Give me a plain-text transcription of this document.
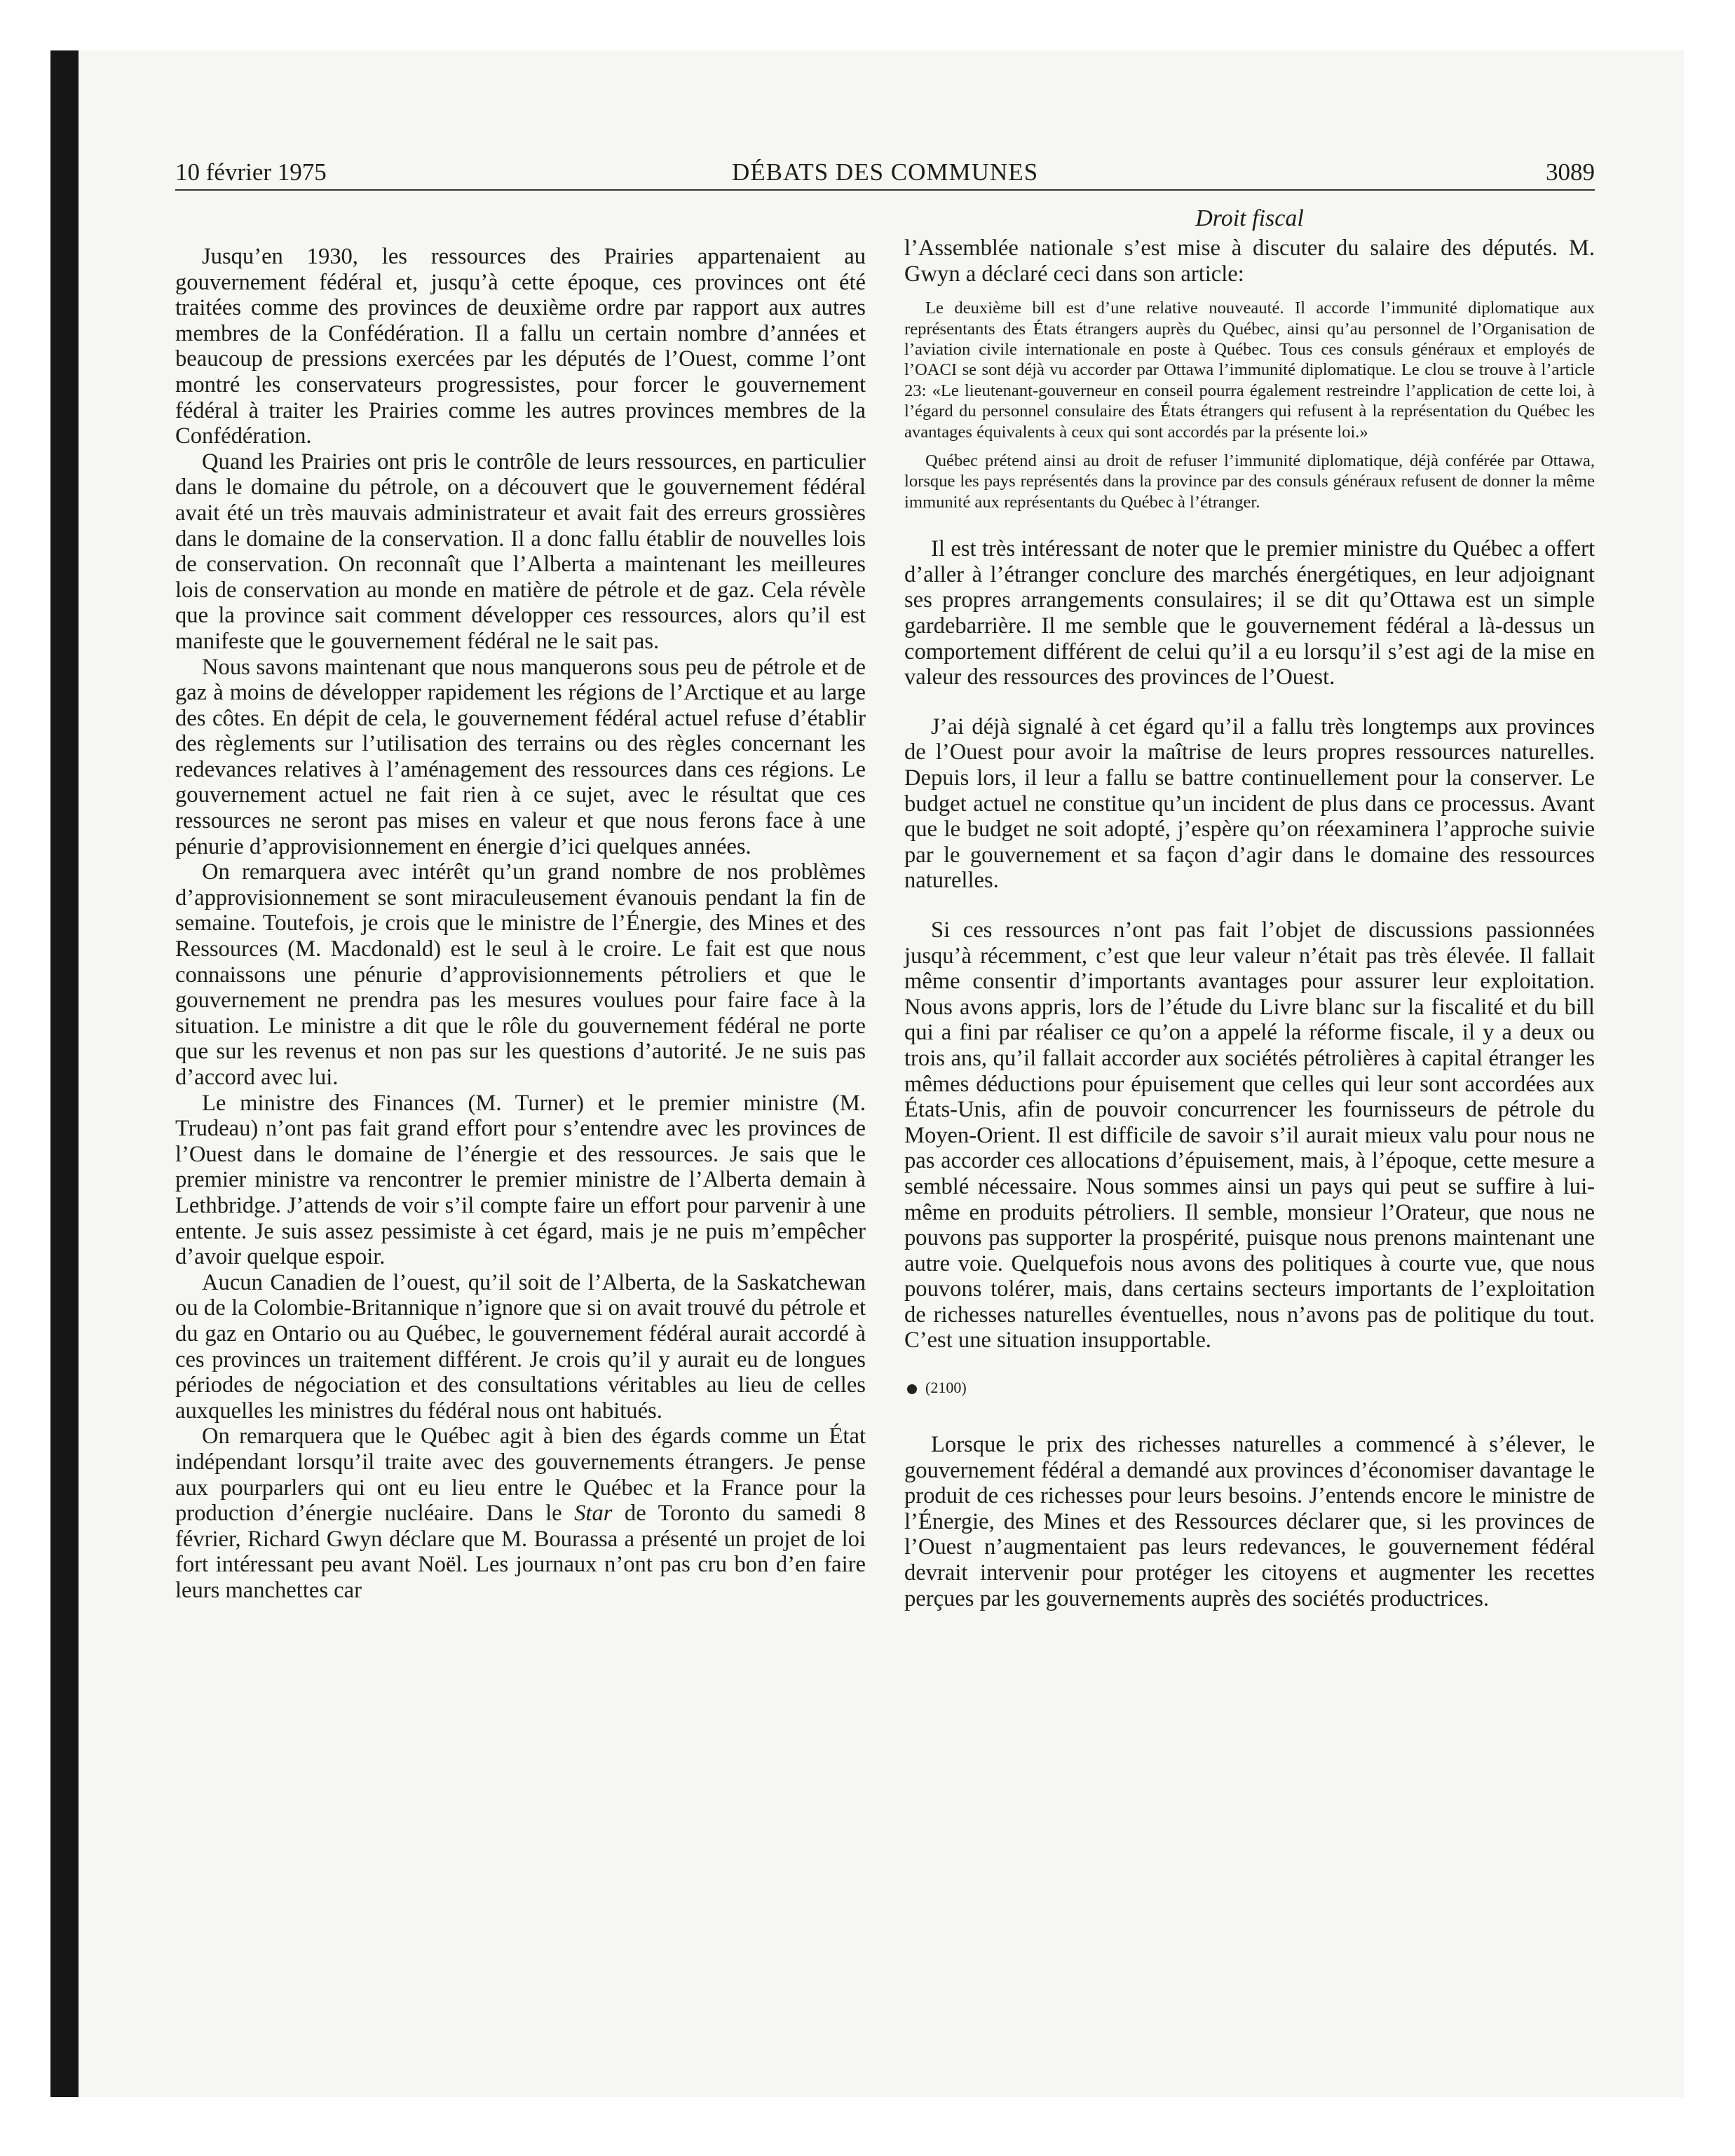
10 février 1975	DÉBATS DES COMMUNES	3089

Jusqu’en 1930, les ressources des Prairies appartenaient au gouvernement fédéral et, jusqu’à cette époque, ces provinces ont été traitées comme des provinces de deuxième ordre par rapport aux autres membres de la Confédération. Il a fallu un certain nombre d’années et beaucoup de pressions exercées par les députés de l’Ouest, comme l’ont montré les conservateurs progressistes, pour forcer le gouvernement fédéral à traiter les Prairies comme les autres provinces membres de la Confédération.

Quand les Prairies ont pris le contrôle de leurs ressources, en particulier dans le domaine du pétrole, on a découvert que le gouvernement fédéral avait été un très mauvais administrateur et avait fait des erreurs grossières dans le domaine de la conservation. Il a donc fallu établir de nouvelles lois de conservation. On reconnaît que l’Alberta a maintenant les meilleures lois de conservation au monde en matière de pétrole et de gaz. Cela révèle que la province sait comment développer ces ressources, alors qu’il est manifeste que le gouvernement fédéral ne le sait pas.

Nous savons maintenant que nous manquerons sous peu de pétrole et de gaz à moins de développer rapidement les régions de l’Arctique et au large des côtes. En dépit de cela, le gouvernement fédéral actuel refuse d’établir des règlements sur l’utilisation des terrains ou des règles concernant les redevances relatives à l’aménagement des ressources dans ces régions. Le gouvernement actuel ne fait rien à ce sujet, avec le résultat que ces ressources ne seront pas mises en valeur et que nous ferons face à une pénurie d’approvisionnement en énergie d’ici quelques années.

On remarquera avec intérêt qu’un grand nombre de nos problèmes d’approvisionnement se sont miraculeusement évanouis pendant la fin de semaine. Toutefois, je crois que le ministre de l’Énergie, des Mines et des Ressources (M. Macdonald) est le seul à le croire. Le fait est que nous connaissons une pénurie d’approvisionnements pétroliers et que le gouvernement ne prendra pas les mesures voulues pour faire face à la situation. Le ministre a dit que le rôle du gouvernement fédéral ne porte que sur les revenus et non pas sur les questions d’autorité. Je ne suis pas d’accord avec lui.

Le ministre des Finances (M. Turner) et le premier ministre (M. Trudeau) n’ont pas fait grand effort pour s’entendre avec les provinces de l’Ouest dans le domaine de l’énergie et des ressources. Je sais que le premier ministre va rencontrer le premier ministre de l’Alberta demain à Lethbridge. J’attends de voir s’il compte faire un effort pour parvenir à une entente. Je suis assez pessimiste à cet égard, mais je ne puis m’empêcher d’avoir quelque espoir.

Aucun Canadien de l’ouest, qu’il soit de l’Alberta, de la Saskatchewan ou de la Colombie-Britannique n’ignore que si on avait trouvé du pétrole et du gaz en Ontario ou au Québec, le gouvernement fédéral aurait accordé à ces provinces un traitement différent. Je crois qu’il y aurait eu de longues périodes de négociation et des consultations véritables au lieu de celles auxquelles les ministres du fédéral nous ont habitués.

On remarquera que le Québec agit à bien des égards comme un État indépendant lorsqu’il traite avec des gouvernements étrangers. Je pense aux pourparlers qui ont eu lieu entre le Québec et la France pour la production d’énergie nucléaire. Dans le Star de Toronto du samedi 8 février, Richard Gwyn déclare que M. Bourassa a présenté un projet de loi fort intéressant peu avant Noël. Les journaux n’ont pas cru bon d’en faire leurs manchettes car

Droit fiscal

l’Assemblée nationale s’est mise à discuter du salaire des députés. M. Gwyn a déclaré ceci dans son article:

Le deuxième bill est d’une relative nouveauté. Il accorde l’immunité diplomatique aux représentants des États étrangers auprès du Québec, ainsi qu’au personnel de l’Organisation de l’aviation civile internationale en poste à Québec. Tous ces consuls généraux et employés de l’OACI se sont déjà vu accorder par Ottawa l’immunité diplomatique. Le clou se trouve à l’article 23: «Le lieutenant-gouverneur en conseil pourra également restreindre l’application de cette loi, à l’égard du personnel consulaire des États étrangers qui refusent à la représentation du Québec les avantages équivalents à ceux qui sont accordés par la présente loi.»

Québec prétend ainsi au droit de refuser l’immunité diplomatique, déjà conférée par Ottawa, lorsque les pays représentés dans la province par des consuls généraux refusent de donner la même immunité aux représentants du Québec à l’étranger.

Il est très intéressant de noter que le premier ministre du Québec a offert d’aller à l’étranger conclure des marchés énergétiques, en leur adjoignant ses propres arrangements consulaires; il se dit qu’Ottawa est un simple gardebarrière. Il me semble que le gouvernement fédéral a là-dessus un comportement différent de celui qu’il a eu lorsqu’il s’est agi de la mise en valeur des ressources des provinces de l’Ouest.

J’ai déjà signalé à cet égard qu’il a fallu très longtemps aux provinces de l’Ouest pour avoir la maîtrise de leurs propres ressources naturelles. Depuis lors, il leur a fallu se battre continuellement pour la conserver. Le budget actuel ne constitue qu’un incident de plus dans ce processus. Avant que le budget ne soit adopté, j’espère qu’on réexaminera l’approche suivie par le gouvernement et sa façon d’agir dans le domaine des ressources naturelles.

Si ces ressources n’ont pas fait l’objet de discussions passionnées jusqu’à récemment, c’est que leur valeur n’était pas très élevée. Il fallait même consentir d’importants avantages pour assurer leur exploitation. Nous avons appris, lors de l’étude du Livre blanc sur la fiscalité et du bill qui a fini par réaliser ce qu’on a appelé la réforme fiscale, il y a deux ou trois ans, qu’il fallait accorder aux sociétés pétrolières à capital étranger les mêmes déductions pour épuisement que celles qui leur sont accordées aux États-Unis, afin de pouvoir concurrencer les fournisseurs de pétrole du Moyen-Orient. Il est difficile de savoir s’il aurait mieux valu pour nous ne pas accorder ces allocations d’épuisement, mais, à l’époque, cette mesure a semblé nécessaire. Nous sommes ainsi un pays qui peut se suffire à lui-même en produits pétroliers. Il semble, monsieur l’Orateur, que nous ne pouvons pas supporter la prospérité, puisque nous prenons maintenant une autre voie. Quelquefois nous avons des politiques à courte vue, que nous pouvons tolérer, mais, dans certains secteurs importants de l’exploitation de richesses naturelles éventuelles, nous n’avons pas de politique du tout. C’est une situation insupportable.

(2100)

Lorsque le prix des richesses naturelles a commencé à s’élever, le gouvernement fédéral a demandé aux provinces d’économiser davantage le produit de ces richesses pour leurs besoins. J’entends encore le ministre de l’Énergie, des Mines et des Ressources déclarer que, si les provinces de l’Ouest n’augmentaient pas leurs redevances, le gouvernement fédéral devrait intervenir pour protéger les citoyens et augmenter les recettes perçues par les gouvernements auprès des sociétés productrices.
